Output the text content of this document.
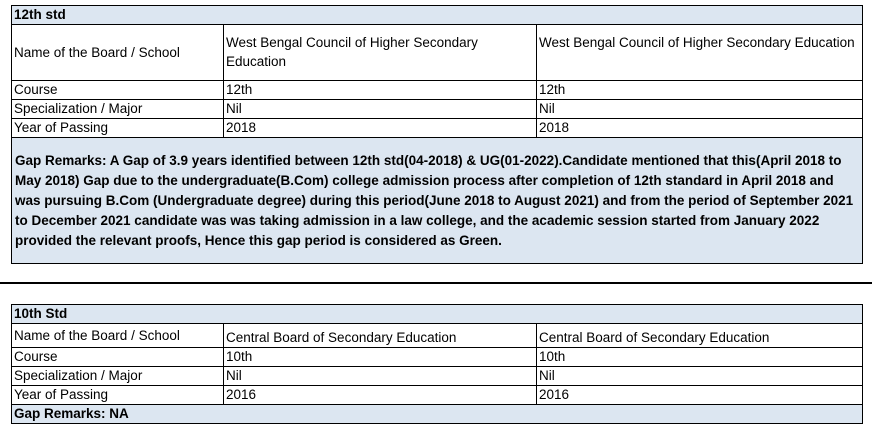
12th std		
Name of the Board / School	West Bengal Council of Higher Secondary Education	West Bengal Council of Higher Secondary Education
Course	12th	12th
Specialization / Major	Nil	Nil
Year of Passing	2018	2018
Gap Remarks: A Gap of 3.9 years identified between 12th std(04-2018) & UG(01-2022).Candidate mentioned that this(April 2018 to May 2018) Gap due to the undergraduate(B.Com) college admission process after completion of 12th standard in April 2018 and was pursuing B.Com (Undergraduate degree) during this period(June 2018 to August 2021) and from the period of September 2021 to December 2021 candidate was was taking admission in a law college, and the academic session started from January 2022 provided the relevant proofs, Hence this gap period is considered as Green.		
10th Std		
Name of the Board / School	Central Board of Secondary Education	Central Board of Secondary Education
Course	10th	10th
Specialization / Major	Nil	Nil
Year of Passing	2016	2016
Gap Remarks: NA		
